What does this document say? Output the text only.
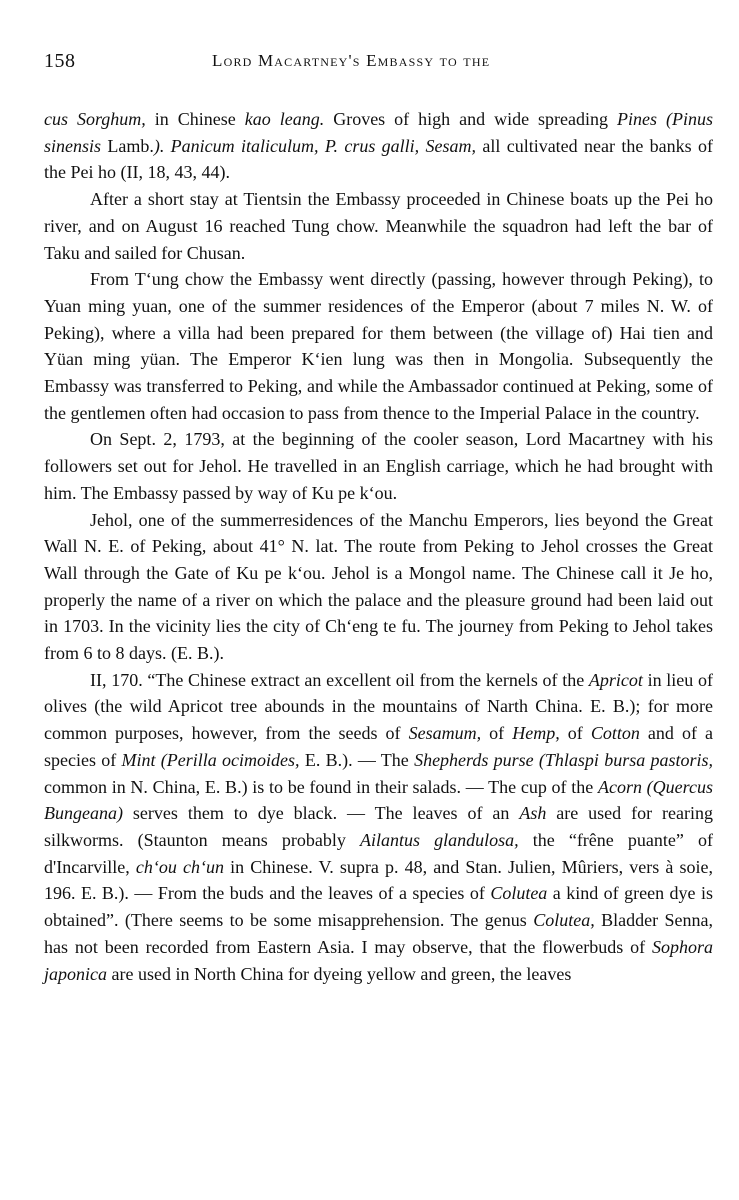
158	Lord Macartney's Embassy to the

cus Sorghum, in Chinese kao leang. Groves of high and wide spreading Pines (Pinus sinensis Lamb.). Panicum italiculum, P. crus galli, Sesam, all cultivated near the banks of the Pei ho (II, 18, 43, 44).

After a short stay at Tientsin the Embassy proceeded in Chinese boats up the Pei ho river, and on August 16 reached Tung chow. Meanwhile the squadron had left the bar of Taku and sailed for Chusan.

From T‘ung chow the Embassy went directly (passing, however through Peking), to Yuan ming yuan, one of the summer residences of the Emperor (about 7 miles N. W. of Peking), where a villa had been prepared for them between (the village of) Hai tien and Yüan ming yüan. The Emperor K‘ien lung was then in Mongolia. Subsequently the Embassy was transferred to Peking, and while the Ambassador continued at Peking, some of the gentlemen often had occasion to pass from thence to the Imperial Palace in the country.

On Sept. 2, 1793, at the beginning of the cooler season, Lord Macartney with his followers set out for Jehol. He travelled in an English carriage, which he had brought with him. The Embassy passed by way of Ku pe k‘ou.

Jehol, one of the summerresidences of the Manchu Emperors, lies beyond the Great Wall N. E. of Peking, about 41° N. lat. The route from Peking to Jehol crosses the Great Wall through the Gate of Ku pe k‘ou. Jehol is a Mongol name. The Chinese call it Je ho, properly the name of a river on which the palace and the pleasure ground had been laid out in 1703. In the vicinity lies the city of Ch‘eng te fu. The journey from Peking to Jehol takes from 6 to 8 days. (E. B.).

II, 170. “The Chinese extract an excellent oil from the kernels of the Apricot in lieu of olives (the wild Apricot tree abounds in the mountains of Narth China. E. B.); for more common purposes, however, from the seeds of Sesamum, of Hemp, of Cotton and of a species of Mint (Perilla ocimoides, E. B.). — The Shepherds purse (Thlaspi bursa pastoris, common in N. China, E. B.) is to be found in their salads. — The cup of the Acorn (Quercus Bungeana) serves them to dye black. — The leaves of an Ash are used for rearing silkworms. (Staunton means probably Ailantus glandulosa, the “frêne puante” of d'Incarville, ch‘ou ch‘un in Chinese. V. supra p. 48, and Stan. Julien, Mûriers, vers à soie, 196. E. B.). — From the buds and the leaves of a species of Colutea a kind of green dye is obtained”. (There seems to be some misapprehension. The genus Colutea, Bladder Senna, has not been recorded from Eastern Asia. I may observe, that the flowerbuds of Sophora japonica are used in North China for dyeing yellow and green, the leaves
